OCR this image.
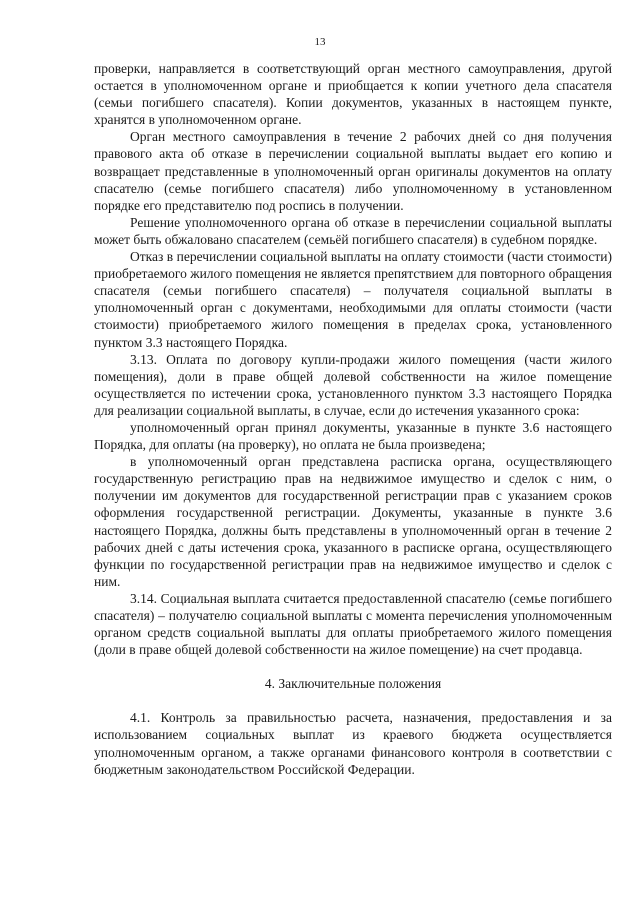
13

проверки, направляется в соответствующий орган местного самоуправления, другой остается в уполномоченном органе и приобщается к копии учетного дела спасателя (семьи погибшего спасателя). Копии документов, указанных в настоящем пункте, хранятся в уполномоченном органе.

Орган местного самоуправления в течение 2 рабочих дней со дня получения правового акта об отказе в перечислении социальной выплаты выдает его копию и возвращает представленные в уполномоченный орган оригиналы документов на оплату спасателю (семье погибшего спасателя) либо уполномоченному в установленном порядке его представителю под роспись в получении.

Решение уполномоченного органа об отказе в перечислении социальной выплаты может быть обжаловано спасателем (семьёй погибшего спасателя) в судебном порядке.

Отказ в перечислении социальной выплаты на оплату стоимости (части стоимости) приобретаемого жилого помещения не является препятствием для повторного обращения спасателя (семьи погибшего спасателя) – получателя социальной выплаты в уполномоченный орган с документами, необходимыми для оплаты стоимости (части стоимости) приобретаемого жилого помещения в пределах срока, установленного пунктом 3.3 настоящего Порядка.

3.13. Оплата по договору купли-продажи жилого помещения (части жилого помещения), доли в праве общей долевой собственности на жилое помещение осуществляется по истечении срока, установленного пунктом 3.3 настоящего Порядка для реализации социальной выплаты, в случае, если до истечения указанного срока:

уполномоченный орган принял документы, указанные в пункте 3.6 настоящего Порядка, для оплаты (на проверку), но оплата не была произведена;

в уполномоченный орган представлена расписка органа, осуществляющего государственную регистрацию прав на недвижимое имущество и сделок с ним, о получении им документов для государственной регистрации прав с указанием сроков оформления государственной регистрации. Документы, указанные в пункте 3.6 настоящего Порядка, должны быть представлены в уполномоченный орган в течение 2 рабочих дней с даты истечения срока, указанного в расписке органа, осуществляющего функции по государственной регистрации прав на недвижимое имущество и сделок с ним.

3.14. Социальная выплата считается предоставленной спасателю (семье погибшего спасателя) – получателю социальной выплаты с момента перечисления уполномоченным органом средств социальной выплаты для оплаты приобретаемого жилого помещения (доли в праве общей долевой собственности на жилое помещение) на счет продавца.

4. Заключительные положения

4.1. Контроль за правильностью расчета, назначения, предоставления и за использованием социальных выплат из краевого бюджета осуществляется уполномоченным органом, а также органами финансового контроля в соответствии с бюджетным законодательством Российской Федерации.
